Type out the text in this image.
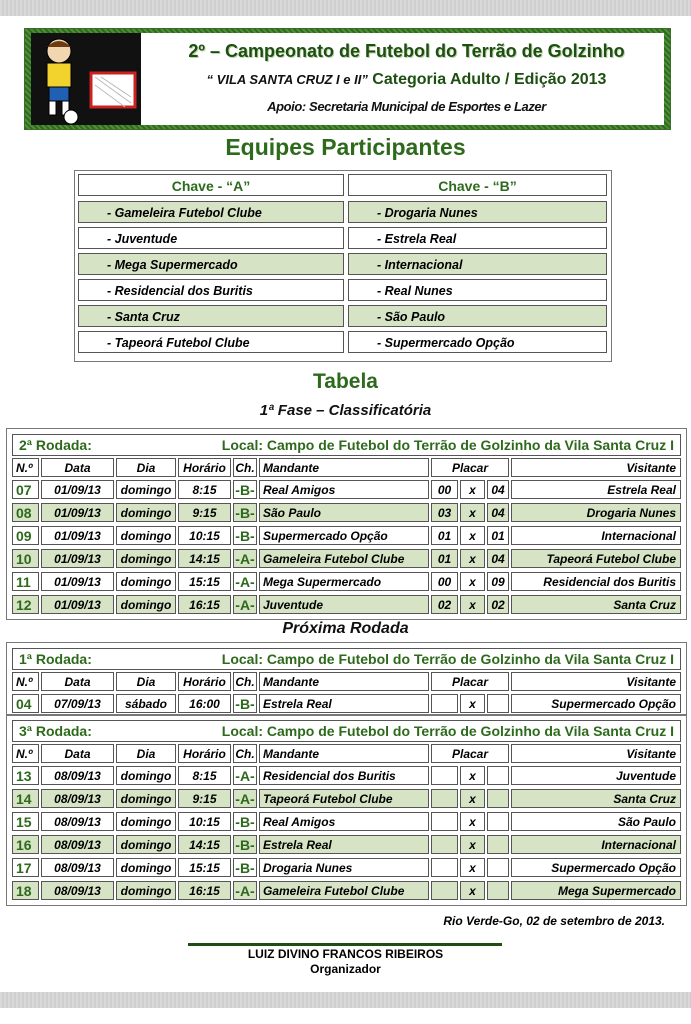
2º – Campeonato de Futebol do Terrão de Golzinho
“ VILA SANTA CRUZ I e II” Categoria Adulto / Edição 2013
Apoio: Secretaria Municipal de Esportes e Lazer
Equipes Participantes
Chave - “A”	Chave - “B”
- Gameleira Futebol Clube	- Drogaria Nunes
- Juventude	- Estrela Real
- Mega Supermercado	- Internacional
- Residencial dos Buritis	- Real Nunes
- Santa Cruz	- São Paulo
- Tapeorá Futebol Clube	- Supermercado Opção
Tabela
1ª Fase – Classificatória
2ª Rodada:	Local: Campo de Futebol do Terrão de Golzinho da Vila Santa Cruz I
N.º	Data	Dia	Horário Ch. Mandante	Visitante
Placar
07	01/09/13	domingo	8:15	-B- Real Amigos	00	x	04	Estrela Real
08	01/09/13	domingo	9:15	-B- São Paulo	03	x	04	Drogaria Nunes
09	01/09/13	domingo	10:15	-B- Supermercado Opção	01	x	01	Internacional
10	01/09/13	domingo	14:15	-A- Gameleira Futebol Clube	01	x	04	Tapeorá Futebol Clube
11	01/09/13	domingo	15:15	-A- Mega Supermercado	00	x	09	Residencial dos Buritis
12	01/09/13	domingo	16:15	-A- Juventude	02	x	02	Santa Cruz
Próxima Rodada
1ª Rodada:	Local: Campo de Futebol do Terrão de Golzinho da Vila Santa Cruz I
N.º	Data	Dia	Horário Ch. Mandante	Visitante
Placar
04	07/09/13	sábado	16:00	-B- Estrela Real	x	Supermercado Opção
3ª Rodada:	Local: Campo de Futebol do Terrão de Golzinho da Vila Santa Cruz I
N.º	Data	Dia	Horário Ch. Mandante	Visitante
Placar
13	08/09/13	domingo	8:15	-A- Residencial dos Buritis	x	Juventude
14	08/09/13	domingo	9:15	-A- Tapeorá Futebol Clube	x	Santa Cruz
15	08/09/13	domingo	10:15	-B- Real Amigos	x	São Paulo
16	08/09/13	domingo	14:15	-B- Estrela Real	x	Internacional
17	08/09/13	domingo	15:15	-B- Drogaria Nunes	x	Supermercado Opção
18	08/09/13	domingo	16:15	-A- Gameleira Futebol Clube	x	Mega Supermercado
Rio Verde-Go, 02 de setembro de 2013.
LUIZ DIVINO FRANCOS RIBEIROS
Organizador
